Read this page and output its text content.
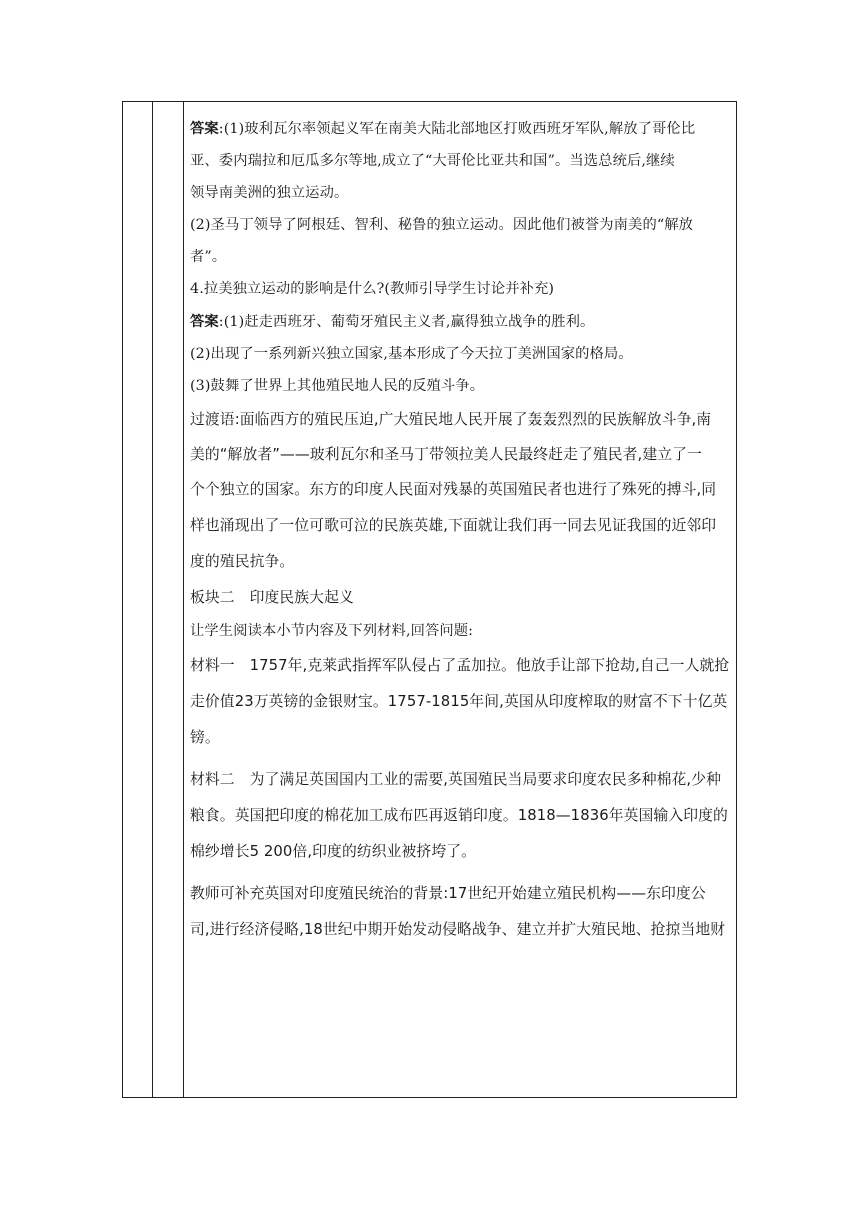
答案:(1)玻利瓦尔率领起义军在南美大陆北部地区打败西班牙军队,解放了哥伦比
亚、委内瑞拉和厄瓜多尔等地,成立了“大哥伦比亚共和国”。当选总统后,继续
领导南美洲的独立运动。
(2)圣马丁领导了阿根廷、智利、秘鲁的独立运动。因此他们被誉为南美的“解放
者”。
4.拉美独立运动的影响是什么?(教师引导学生讨论并补充)
答案:(1)赶走西班牙、葡萄牙殖民主义者,赢得独立战争的胜利。
(2)出现了一系列新兴独立国家,基本形成了今天拉丁美洲国家的格局。
(3)鼓舞了世界上其他殖民地人民的反殖斗争。
过渡语:面临西方的殖民压迫,广大殖民地人民开展了轰轰烈烈的民族解放斗争,南
美的“解放者”——玻利瓦尔和圣马丁带领拉美人民最终赶走了殖民者,建立了一
个个独立的国家。东方的印度人民面对残暴的英国殖民者也进行了殊死的搏斗,同
样也涌现出了一位可歌可泣的民族英雄,下面就让我们再一同去见证我国的近邻印
度的殖民抗争。
板块二　印度民族大起义
让学生阅读本小节内容及下列材料,回答问题:
材料一　1757年,克莱武指挥军队侵占了孟加拉。他放手让部下抢劫,自己一人就抢
走价值23万英镑的金银财宝。1757-1815年间,英国从印度榨取的财富不下十亿英
镑。
材料二　为了满足英国国内工业的需要,英国殖民当局要求印度农民多种棉花,少种
粮食。英国把印度的棉花加工成布匹再返销印度。1818—1836年英国输入印度的
棉纱增长5 200倍,印度的纺织业被挤垮了。
教师可补充英国对印度殖民统治的背景:17世纪开始建立殖民机构——东印度公
司,进行经济侵略,18世纪中期开始发动侵略战争、建立并扩大殖民地、抢掠当地财
